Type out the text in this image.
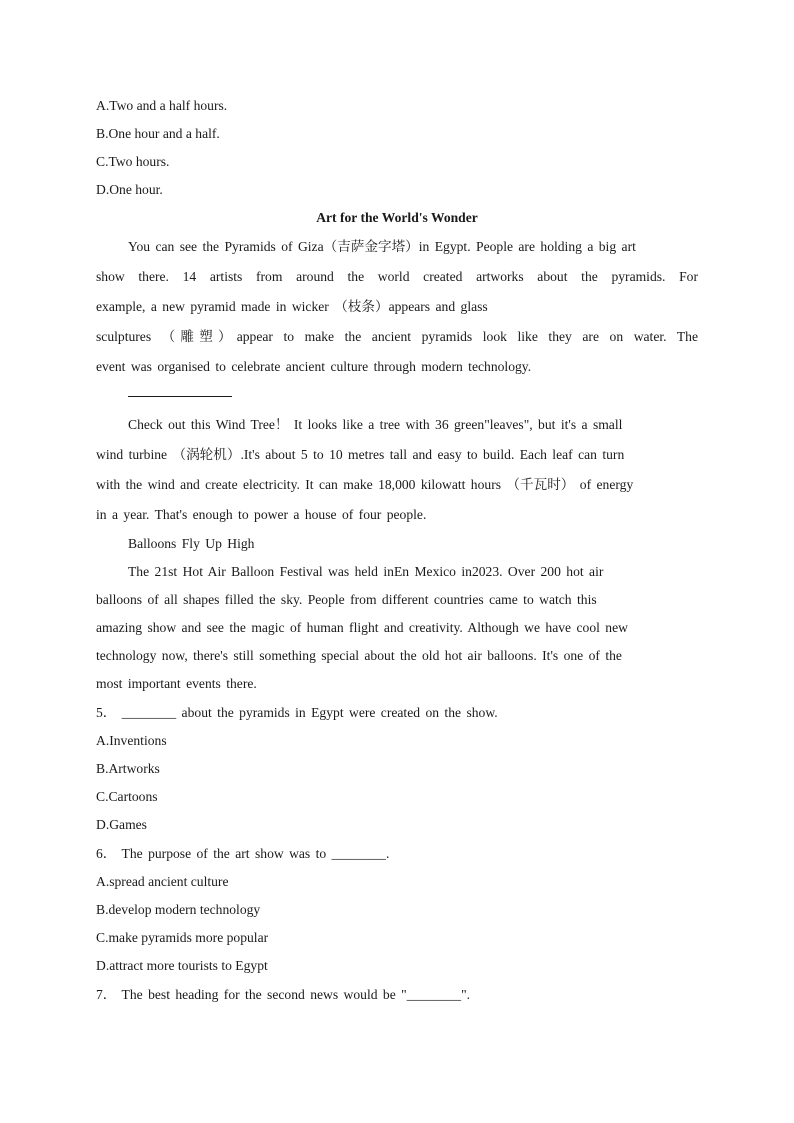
A.Two and a half hours.
B.One hour and a half.
C.Two hours.
D.One hour.
Art for the World's Wonder
You can see the Pyramids of Giza（吉萨金字塔）in Egypt. People are holding a big art
show there. 14 artists from around the world created artworks about the pyramids. For
example, a new pyramid made in wicker （枝条）appears and glass
sculptures （雕塑）appear to make the ancient pyramids look like they are on water. The
event was organised to celebrate ancient culture through modern technology.
Check out this Wind Tree！ It looks like a tree with 36 green"leaves", but it's a small
wind turbine （涡轮机）.It's about 5 to 10 metres tall and easy to build. Each leaf can turn
with the wind and create electricity. It can make 18,000 kilowatt hours （千瓦时） of energy
in a year. That's enough to power a house of four people.
Balloons Fly Up High
The 21st Hot Air Balloon Festival was held inEn Mexico in2023. Over 200 hot air
balloons of all shapes filled the sky. People from different countries came to watch this
amazing show and see the magic of human flight and creativity. Although we have cool new
technology now, there's still something special about the old hot air balloons. It's one of the
most important events there.
5． ________ about the pyramids in Egypt were created on the show.
A.Inventions
B.Artworks
C.Cartoons
D.Games
6． The purpose of the art show was to ________.
A.spread ancient culture
B.develop modern technology
C.make pyramids more popular
D.attract more tourists to Egypt
7． The best heading for the second news would be "________".
